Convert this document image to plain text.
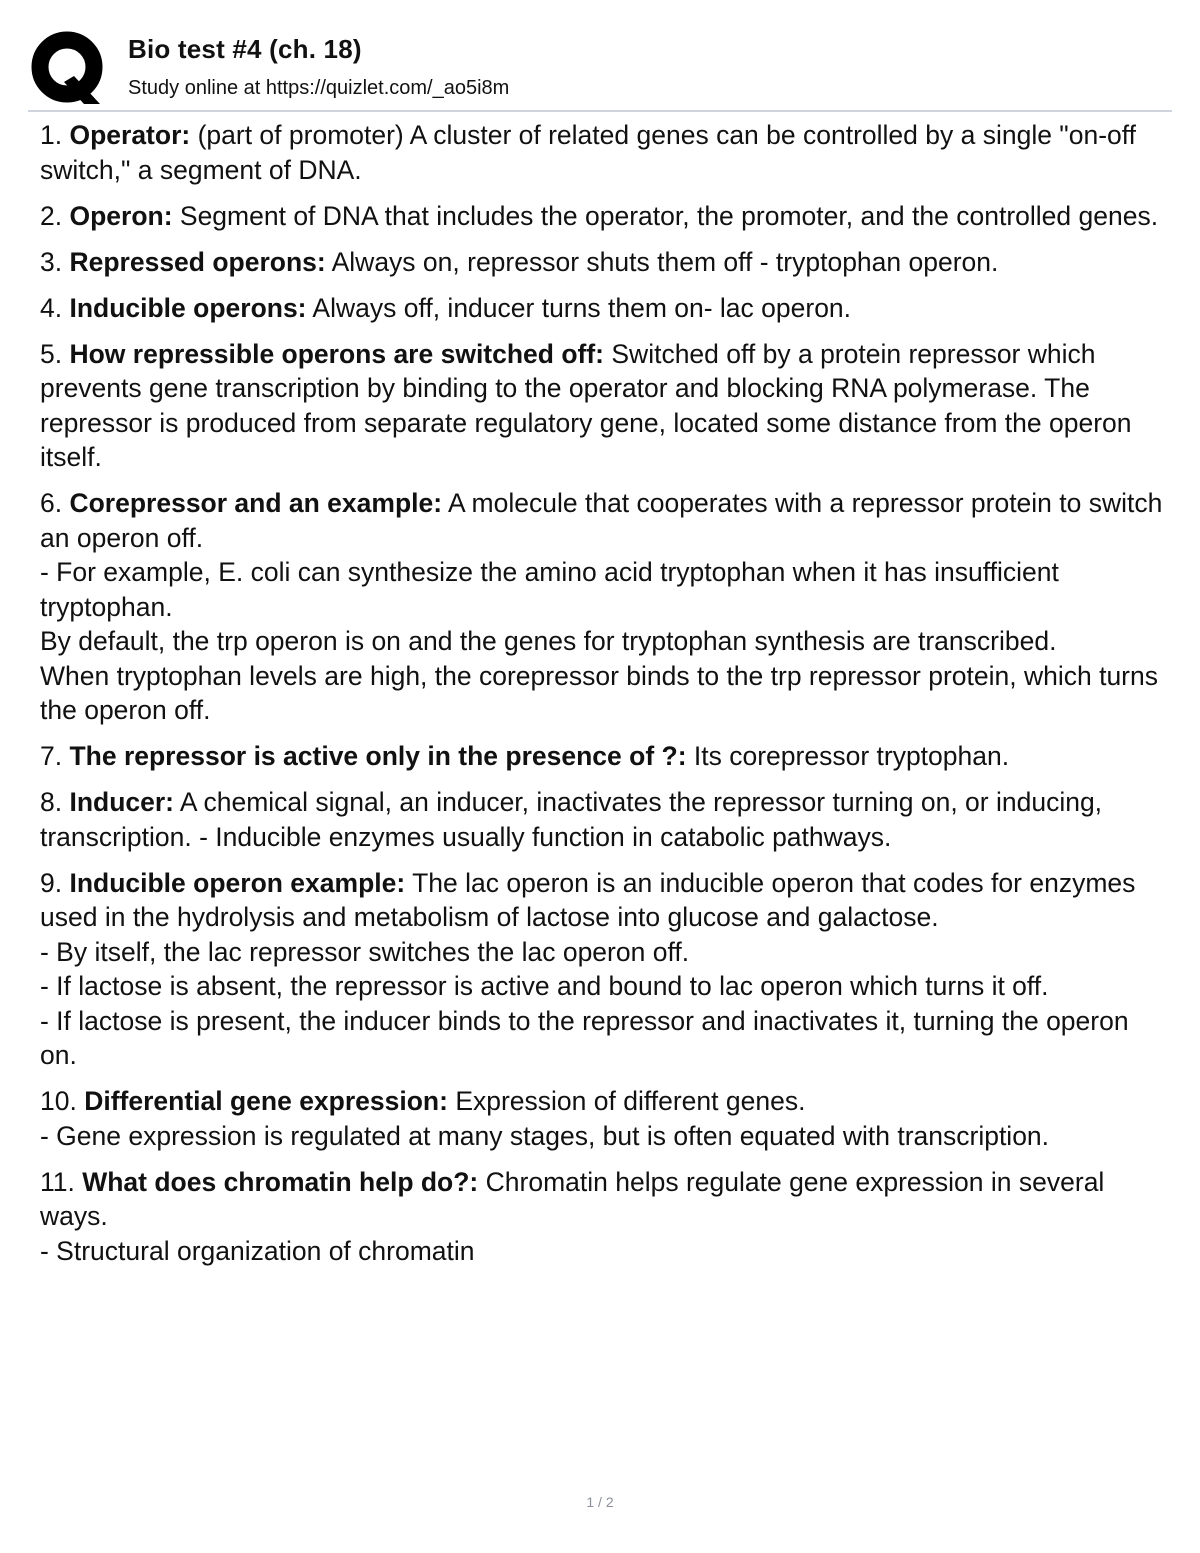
Bio test #4 (ch. 18)
Study online at https://quizlet.com/_ao5i8m
1. Operator: (part of promoter) A cluster of related genes can be controlled by a single "on-off switch," a segment of DNA.
2. Operon: Segment of DNA that includes the operator, the promoter, and the controlled genes.
3. Repressed operons: Always on, repressor shuts them off - tryptophan operon.
4. Inducible operons: Always off, inducer turns them on- lac operon.
5. How repressible operons are switched off: Switched off by a protein repressor which prevents gene transcription by binding to the operator and blocking RNA polymerase. The repressor is produced from separate regulatory gene, located some distance from the operon itself.
6. Corepressor and an example: A molecule that cooperates with a repressor protein to switch an operon off.
- For example, E. coli can synthesize the amino acid tryptophan when it has insufficient tryptophan.
By default, the trp operon is on and the genes for tryptophan synthesis are transcribed.
When tryptophan levels are high, the corepressor binds to the trp repressor protein, which turns the operon off.
7. The repressor is active only in the presence of ?: Its corepressor tryptophan.
8. Inducer: A chemical signal, an inducer, inactivates the repressor turning on, or inducing, transcription. - Inducible enzymes usually function in catabolic pathways.
9. Inducible operon example: The lac operon is an inducible operon that codes for enzymes used in the hydrolysis and metabolism of lactose into glucose and galactose.
- By itself, the lac repressor switches the lac operon off.
- If lactose is absent, the repressor is active and bound to lac operon which turns it off.
- If lactose is present, the inducer binds to the repressor and inactivates it, turning the operon on.
10. Differential gene expression: Expression of different genes.
- Gene expression is regulated at many stages, but is often equated with transcription.
11. What does chromatin help do?: Chromatin helps regulate gene expression in several ways.
- Structural organization of chromatin
1 / 2
